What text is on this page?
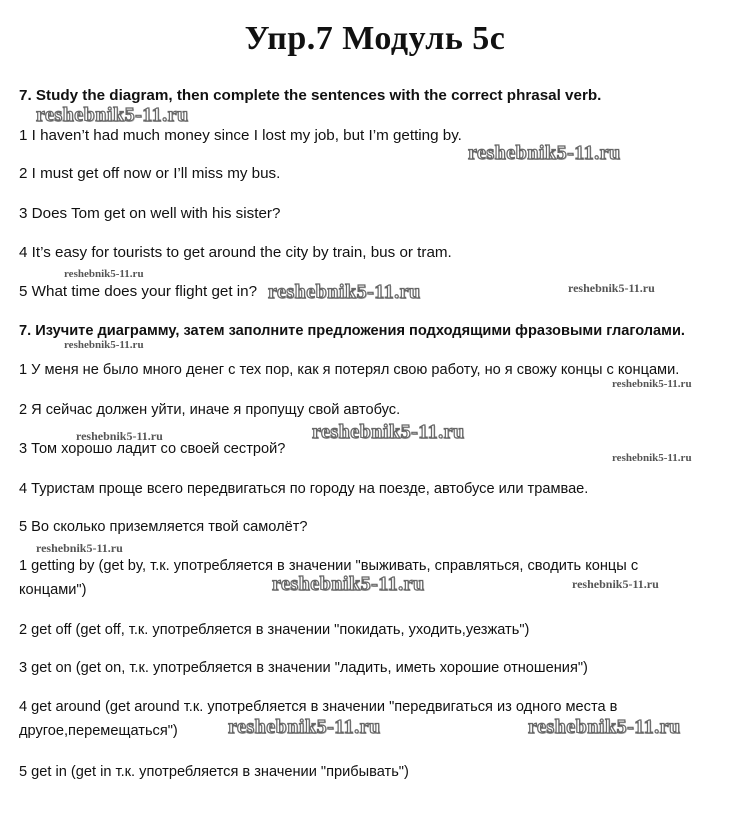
Упр.7 Модуль 5с
7. Study the diagram, then complete the sentences with the correct phrasal verb.
1 I haven’t had much money since I lost my job, but I’m getting by.
2 I must get off now or I’ll miss my bus.
3 Does Tom get on well with his sister?
4 It’s easy for tourists to get around the city by train, bus or tram.
5 What time does your flight get in?
7. Изучите диаграмму, затем заполните предложения подходящими фразовыми глаголами.
1 У меня не было много денег с тех пор, как я потерял свою работу, но я свожу концы с концами.
2 Я сейчас должен уйти, иначе я пропущу свой автобус.
3 Том хорошо ладит со своей сестрой?
4 Туристам проще всего передвигаться по городу на поезде, автобусе или трамвае.
5 Во сколько приземляется твой самолёт?
1 getting by (get by, т.к. употребляется в значении "выживать, справляться, сводить концы с
концами")
2 get off (get off, т.к. употребляется в значении "покидать, уходить,уезжать")
3 get on (get on, т.к. употребляется в значении "ладить, иметь хорошие отношения")
4 get around (get around т.к. употребляется в значении "передвигаться из одного места в
другое,перемещаться")
5 get in (get in т.к. употребляется в значении "прибывать")
reshebnik5-11.ru
reshebnik5-11.ru
reshebnik5-11.ru
reshebnik5-11.ru	reshebnik5-11.ru
reshebnik5-11.ru
reshebnik5-11.ru
reshebnik5-11.ru	reshebnik5-11.ru
reshebnik5-11.ru
reshebnik5-11.ru
reshebnik5-11.ru	reshebnik5-11.ru
reshebnik5-11.ru	reshebnik5-11.ru
